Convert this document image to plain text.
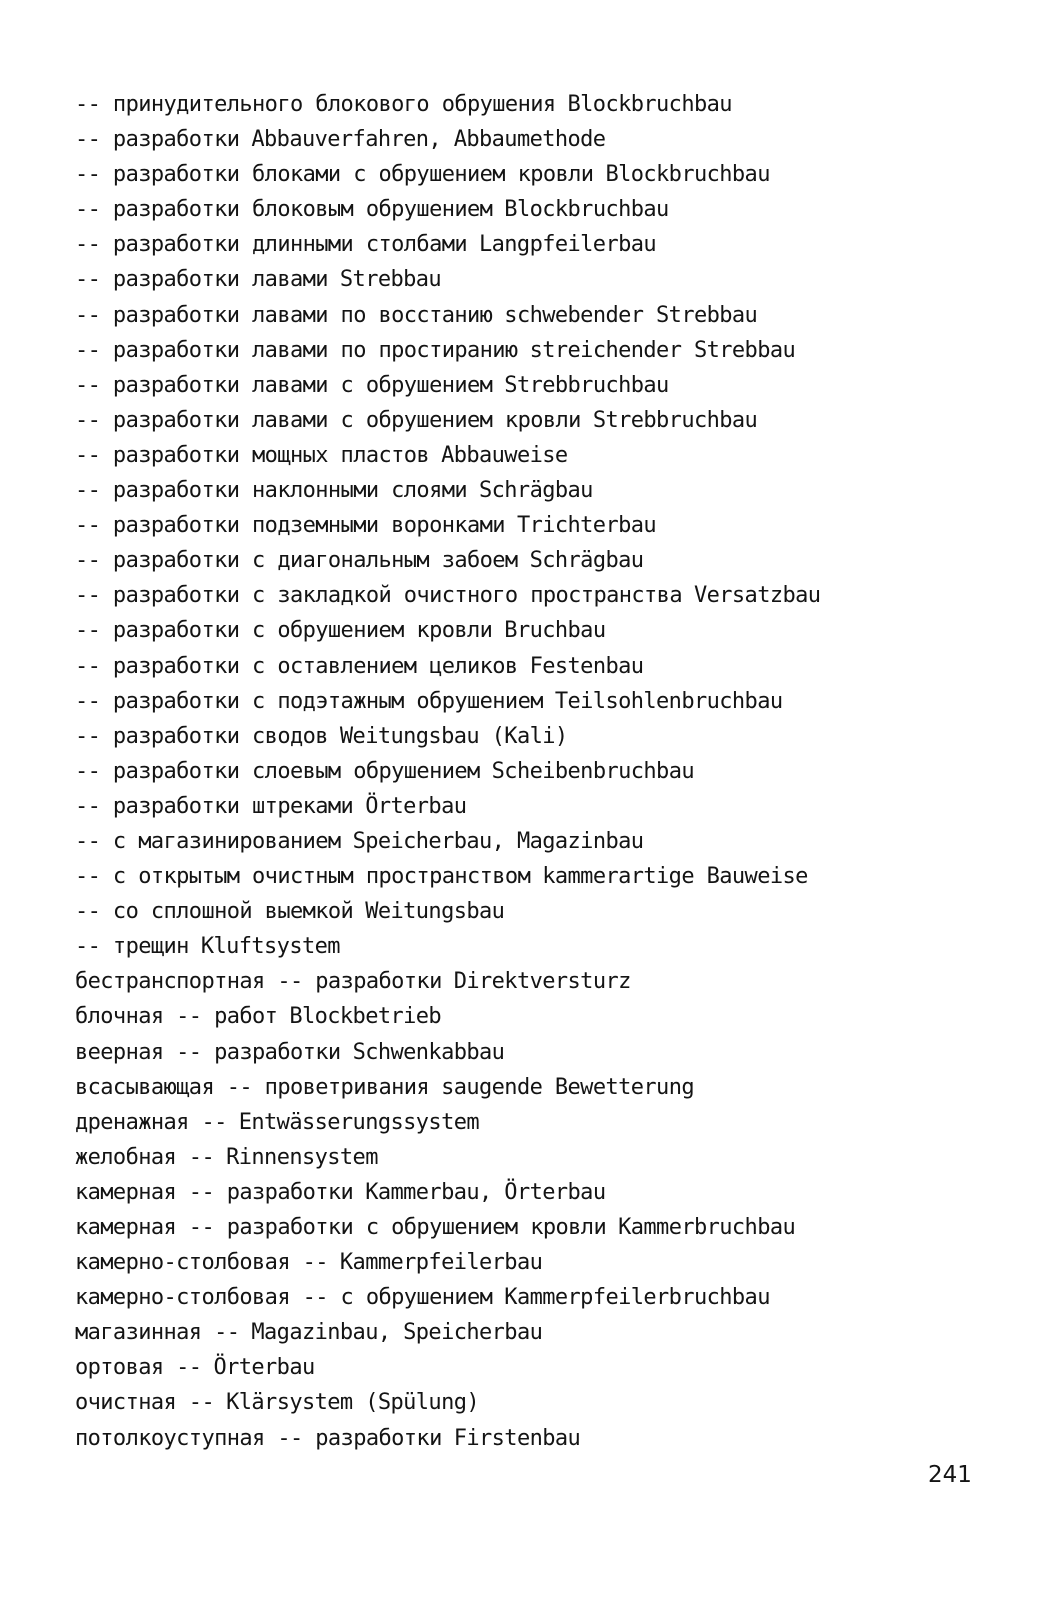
-- принудительного блокового обрушения Blockbruchbau
-- разработки Abbauverfahren, Abbaumethode
-- разработки блоками с обрушением кровли Blockbruchbau
-- разработки блоковым обрушением Blockbruchbau
-- разработки длинными столбами Langpfeilerbau
-- разработки лавами Strebbau
-- разработки лавами по восстанию schwebender Strebbau
-- разработки лавами по простиранию streichender Strebbau
-- разработки лавами с обрушением Strebbruchbau
-- разработки лавами с обрушением кровли Strebbruchbau
-- разработки мощных пластов Abbauweise
-- разработки наклонными слоями Schrägbau
-- разработки подземными воронками Trichterbau
-- разработки с диагональным забоем Schrägbau
-- разработки с закладкой очистного пространства Versatzbau
-- разработки с обрушением кровли Bruchbau
-- разработки с оставлением целиков Festenbau
-- разработки с подэтажным обрушением Teilsohlenbruchbau
-- разработки сводов Weitungsbau (Kali)
-- разработки слоевым обрушением Scheibenbruchbau
-- разработки штреками Örterbau
-- с магазинированием Speicherbau, Magazinbau
-- с открытым очистным пространством kammerartige Bauweise
-- со сплошной выемкой Weitungsbau
-- трещин Kluftsystem
бестранспортная -- разработки Direktversturz
блочная -- работ Blockbetrieb
веерная -- разработки Schwenkabbau
всасывающая -- проветривания saugende Bewetterung
дренажная -- Entwässerungssystem
желобная -- Rinnensystem
камерная -- разработки Kammerbau, Örterbau
камерная -- разработки с обрушением кровли Kammerbruchbau
камерно-столбовая -- Kammerpfeilerbau
камерно-столбовая -- с обрушением Kammerpfeilerbruchbau
магазинная -- Magazinbau, Speicherbau
ортовая -- Örterbau
очистная -- Klärsystem (Spülung)
потолкоуступная -- разработки Firstenbau
241
